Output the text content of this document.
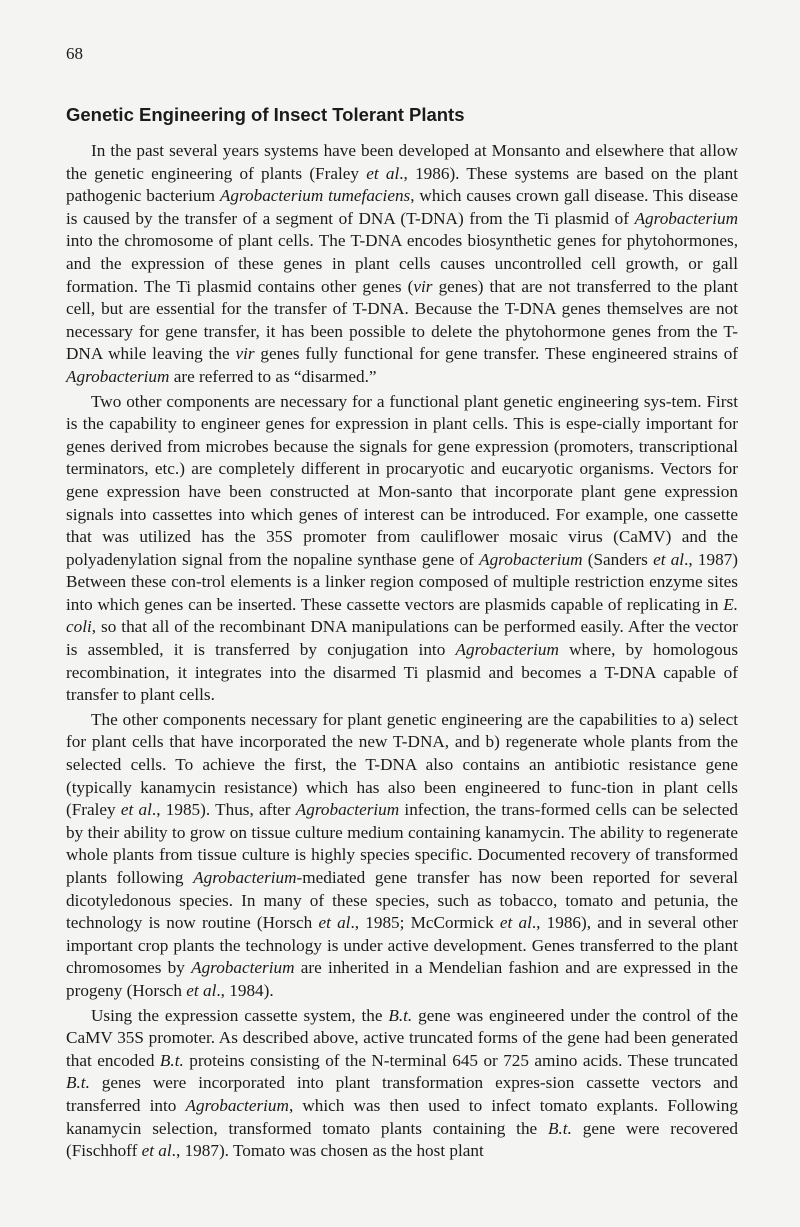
68
Genetic Engineering of Insect Tolerant Plants

In the past several years systems have been developed at Monsanto and elsewhere that allow the genetic engineering of plants (Fraley et al., 1986). These systems are based on the plant pathogenic bacterium Agrobacterium tumefaciens, which causes crown gall disease. This disease is caused by the transfer of a segment of DNA (T-DNA) from the Ti plasmid of Agrobacterium into the chromosome of plant cells. The T-DNA encodes biosynthetic genes for phytohormones, and the expression of these genes in plant cells causes uncontrolled cell growth, or gall formation. The Ti plasmid contains other genes (vir genes) that are not transferred to the plant cell, but are essential for the transfer of T-DNA. Because the T-DNA genes themselves are not necessary for gene transfer, it has been possible to delete the phytohormone genes from the T-DNA while leaving the vir genes fully functional for gene transfer. These engineered strains of Agrobacterium are referred to as “disarmed.”

Two other components are necessary for a functional plant genetic engineering sys-tem. First is the capability to engineer genes for expression in plant cells. This is espe-cially important for genes derived from microbes because the signals for gene expression (promoters, transcriptional terminators, etc.) are completely different in procaryotic and eucaryotic organisms. Vectors for gene expression have been constructed at Mon-santo that incorporate plant gene expression signals into cassettes into which genes of interest can be introduced. For example, one cassette that was utilized has the 35S promoter from cauliflower mosaic virus (CaMV) and the polyadenylation signal from the nopaline synthase gene of Agrobacterium (Sanders et al., 1987) Between these con-trol elements is a linker region composed of multiple restriction enzyme sites into which genes can be inserted. These cassette vectors are plasmids capable of replicating in E. coli, so that all of the recombinant DNA manipulations can be performed easily. After the vector is assembled, it is transferred by conjugation into Agrobacterium where, by homologous recombination, it integrates into the disarmed Ti plasmid and becomes a T-DNA capable of transfer to plant cells.

The other components necessary for plant genetic engineering are the capabilities to a) select for plant cells that have incorporated the new T-DNA, and b) regenerate whole plants from the selected cells. To achieve the first, the T-DNA also contains an antibiotic resistance gene (typically kanamycin resistance) which has also been engineered to func-tion in plant cells (Fraley et al., 1985). Thus, after Agrobacterium infection, the trans-formed cells can be selected by their ability to grow on tissue culture medium containing kanamycin. The ability to regenerate whole plants from tissue culture is highly species specific. Documented recovery of transformed plants following Agrobacterium-mediated gene transfer has now been reported for several dicotyledonous species. In many of these species, such as tobacco, tomato and petunia, the technology is now routine (Horsch et al., 1985; McCormick et al., 1986), and in several other important crop plants the technology is under active development. Genes transferred to the plant chromosomes by Agrobacterium are inherited in a Mendelian fashion and are expressed in the progeny (Horsch et al., 1984).

Using the expression cassette system, the B.t. gene was engineered under the control of the CaMV 35S promoter. As described above, active truncated forms of the gene had been generated that encoded B.t. proteins consisting of the N-terminal 645 or 725 amino acids. These truncated B.t. genes were incorporated into plant transformation expres-sion cassette vectors and transferred into Agrobacterium, which was then used to infect tomato explants. Following kanamycin selection, transformed tomato plants containing the B.t. gene were recovered (Fischhoff et al., 1987). Tomato was chosen as the host plant
